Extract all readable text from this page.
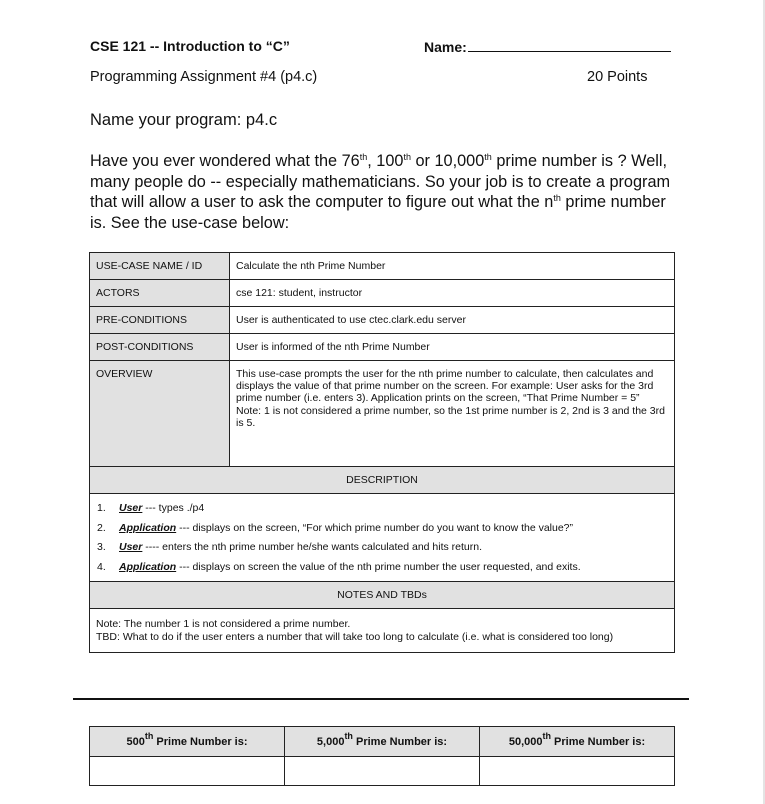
CSE 121 -- Introduction to “C”	Name:
Programming Assignment #4 (p4.c)	20 Points
Name your program: p4.c
Have you ever wondered what the 76th, 100th or 10,000th prime number is ? Well, many people do -- especially mathematicians. So your job is to create a program that will allow a user to ask the computer to figure out what the $n^{th}$ prime number is. See the use-case below:
USE-CASE NAME / ID	Calculate the nth Prime Number
ACTORS	cse 121: student, instructor
PRE-CONDITIONS	User is authenticated to use ctec.clark.edu server
POST-CONDITIONS	User is informed of the nth Prime Number
OVERVIEW	This use-case prompts the user for the nth prime number to calculate, then calculates and displays the value of that prime number on the screen. For example: User asks for the 3rd prime number (i.e. enters 3). Application prints on the screen, “That Prime Number = 5”
Note: 1 is not considered a prime number, so the 1st prime number is 2, 2nd is 3 and the 3rd is 5.

DESCRIPTION	

1. User --- types ./p4
2. Application --- displays on the screen, “For which prime number do you want to know the value?”
3. User ---- enters the nth prime number he/she wants calculated and hits return.
4. Application --- displays on screen the value of the nth prime number the user requested, and exits.	

NOTES AND TBDs	

Note: The number 1 is not considered a prime number.
TBD: What to do if the user enters a number that will take too long to calculate (i.e. what is considered too long)	
500th Prime Number is:	5,000th Prime Number is:	50,000th Prime Number is:
